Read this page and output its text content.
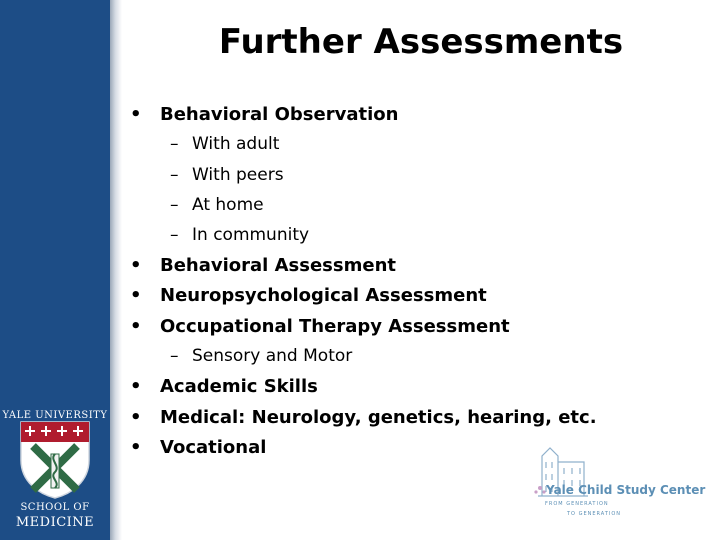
Further Assessments
• Behavioral Observation
– With adult
– With peers
– At home
– In community
• Behavioral Assessment
• Neuropsychological Assessment
• Occupational Therapy Assessment
– Sensory and Motor
• Academic Skills
• Medical: Neurology, genetics, hearing, etc.
• Vocational
YALE UNIVERSITY
SCHOOL OF
MEDICINE
Yale Child Study Center
FROM GENERATION
TO GENERATION
